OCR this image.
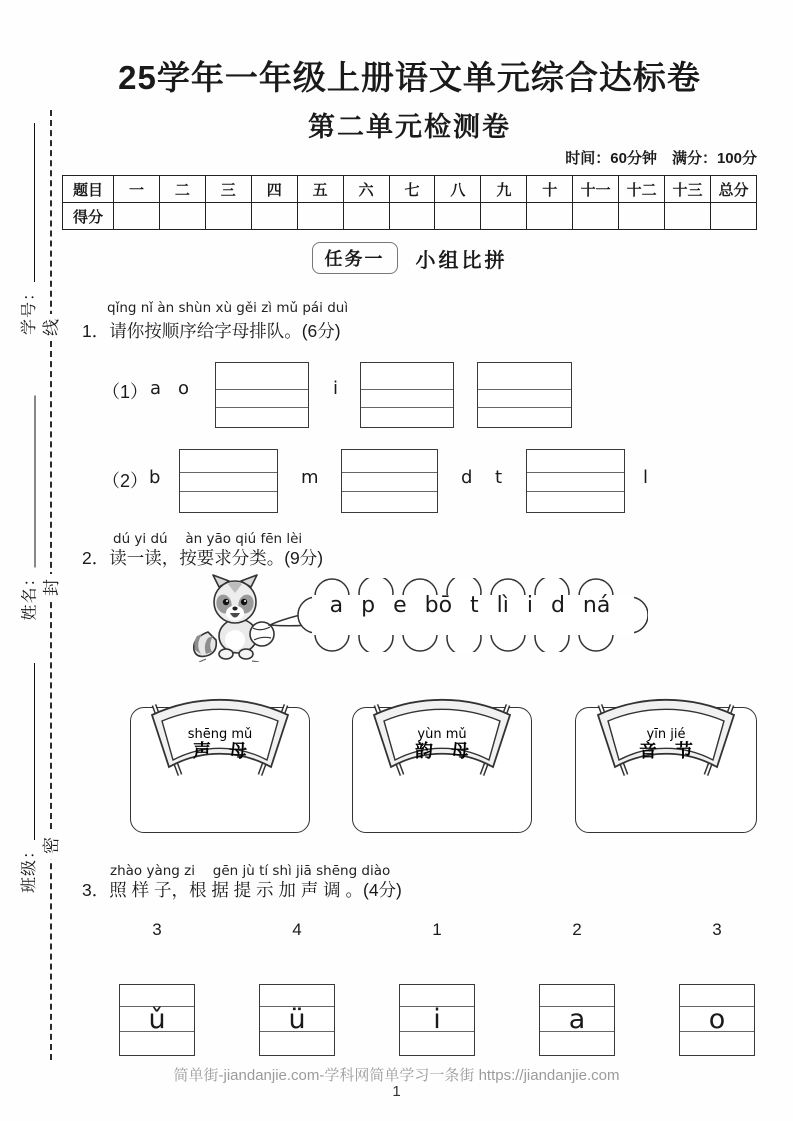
学号：
姓名：
班级：
线
封
密
25学年一年级上册语文单元综合达标卷
第二单元检测卷
时间：60分钟　满分：100分
题目	一	二	三	四	五	六	七	八	九	十	十一	十二	十三	总分
得分														
任务一	小组比拼
qǐng nǐ àn shùn xù gěi zì mǔ pái duì
1．请你按顺序给字母排队。(6分)
（1） a o	i
（2） b	m	d t	l
dú yi dú　 àn yāo qiú fēn lèi
2．读一读，按要求分类。(9分)
a p e bō t lì i d ná
shēng mǔ
声　母
yùn mǔ
韵　母
yīn jié
音　节
zhào yàng zi　 gēn jù tí shì jiā shēng diào
3．照 样 子，根 据 提 示 加 声 调 。(4分)
3
ǔ
4
ü
1
i
2
a
3
o
简单街-jiandanjie.com-学科网简单学习一条街 https://jiandanjie.com
1
